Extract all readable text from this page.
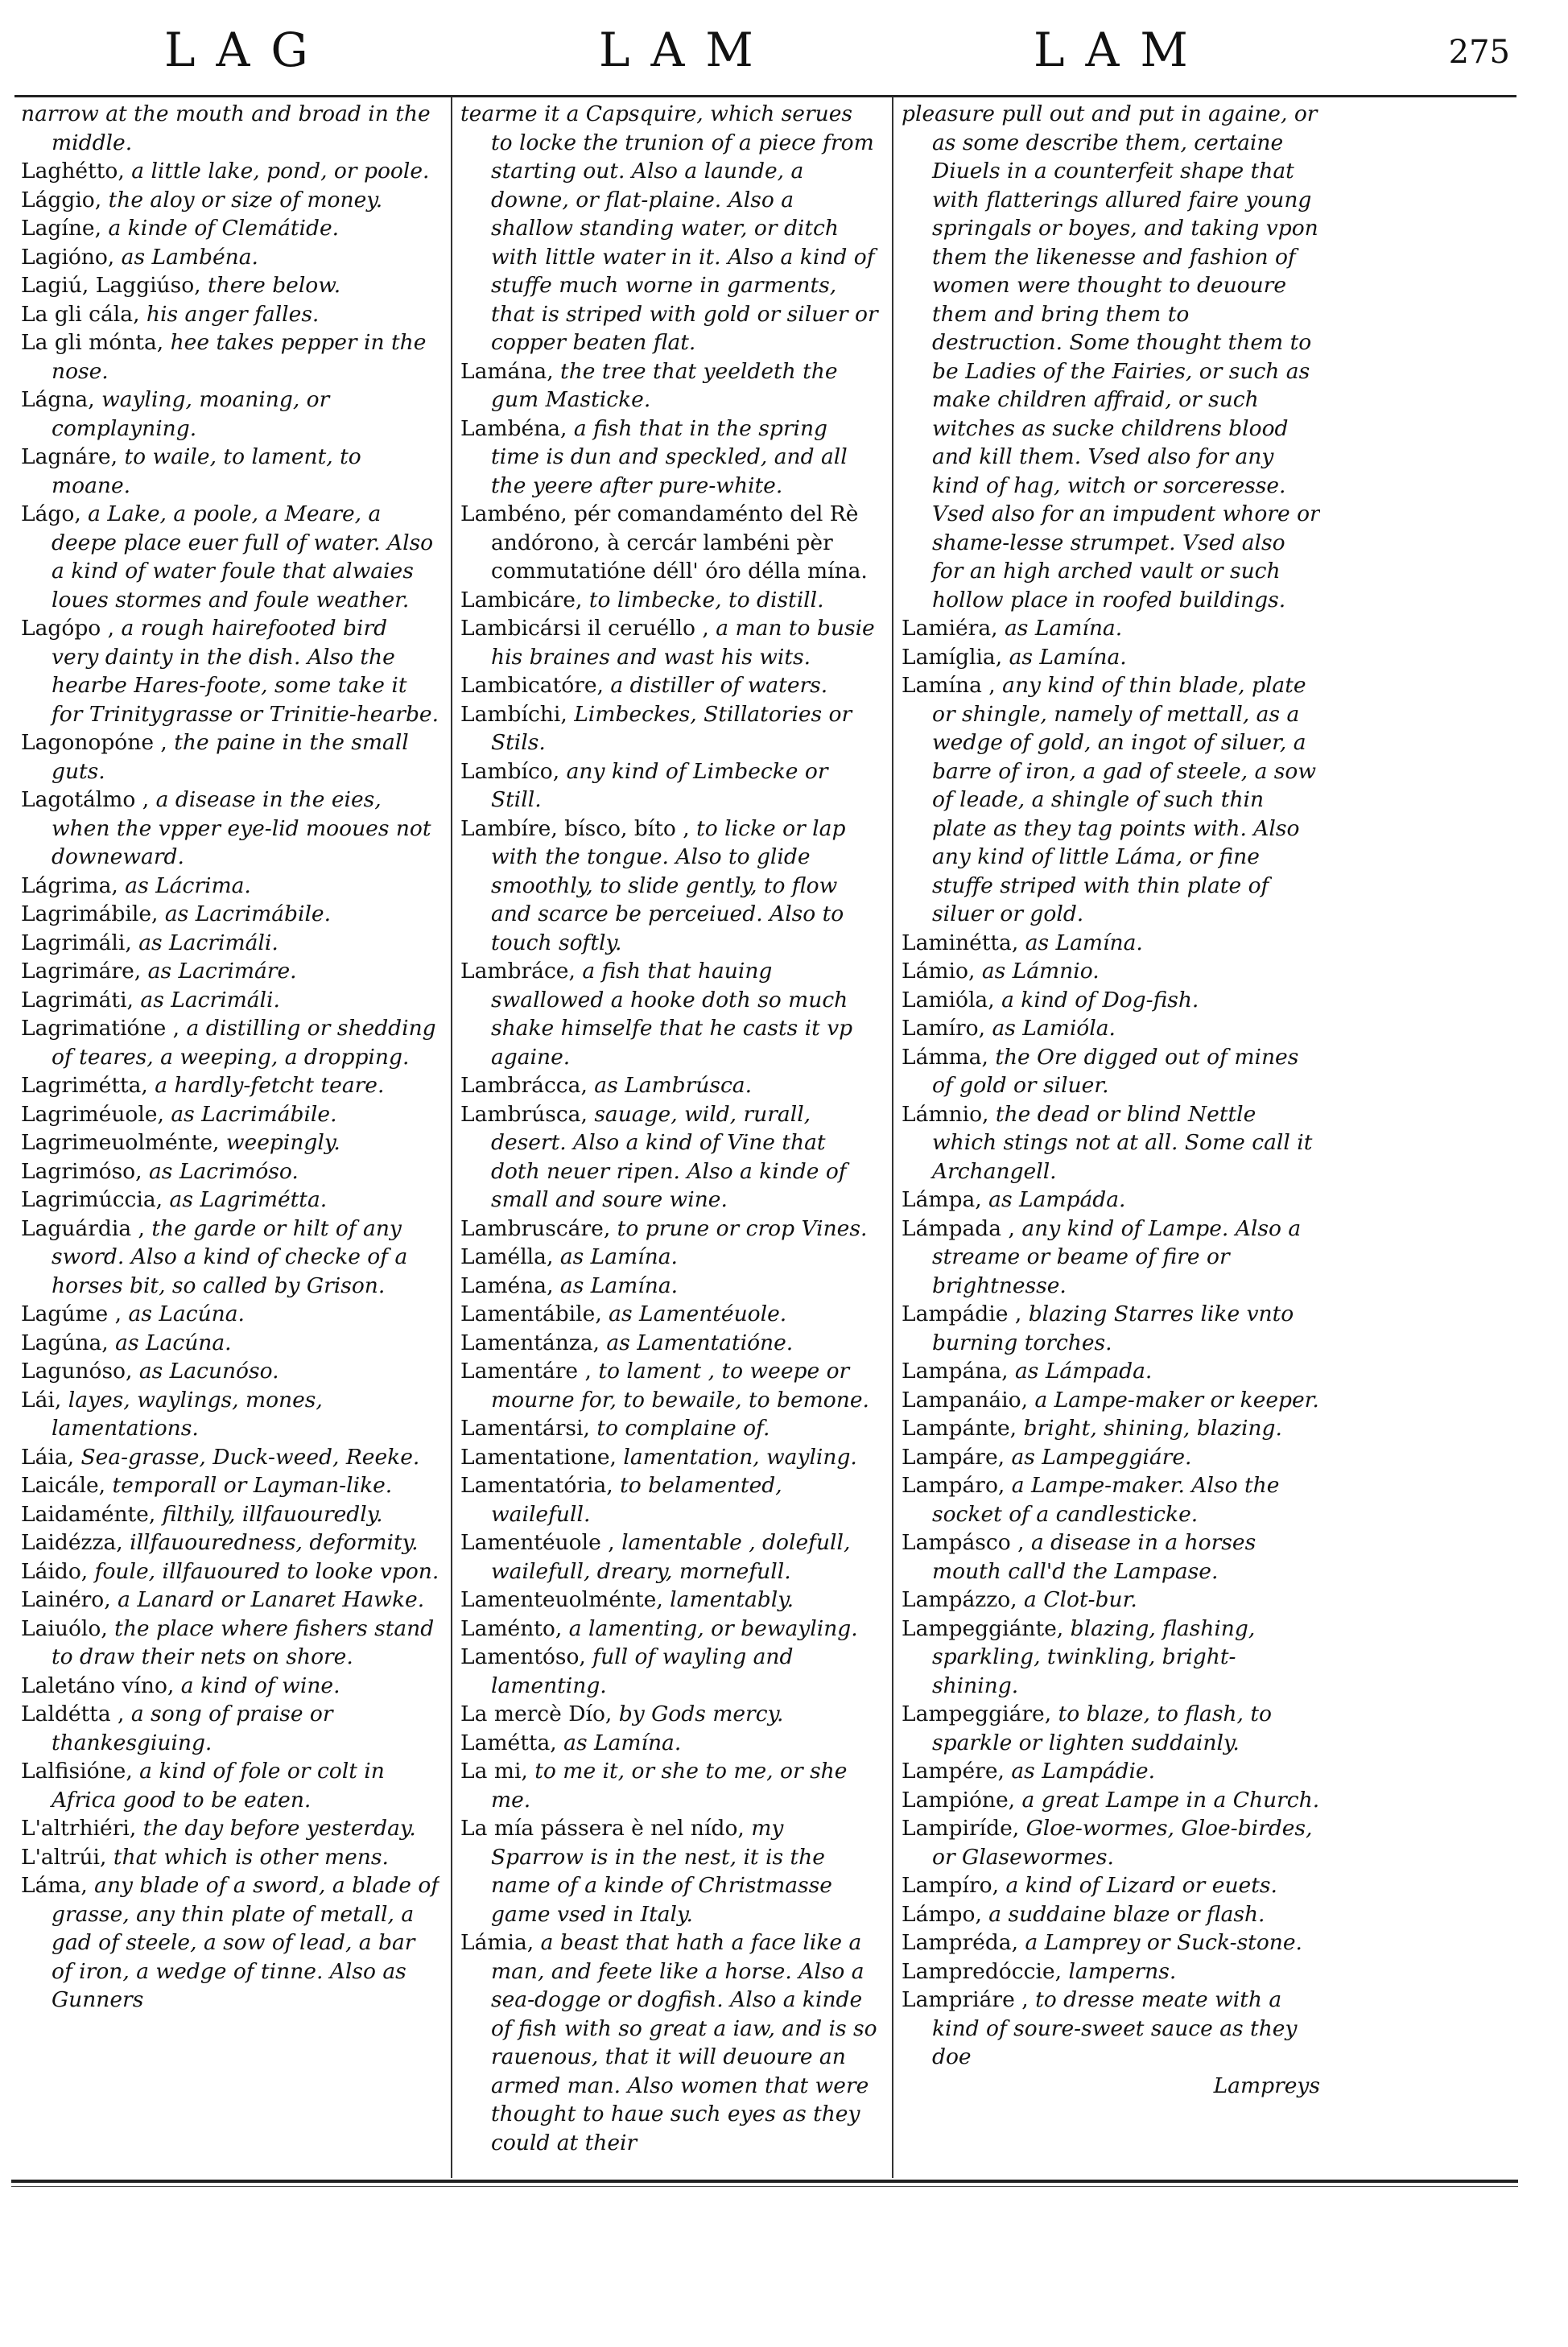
LAG	LAM	LAM	275
narrow at the mouth and broad in the middle.
Laghétto, a little lake, pond, or poole.
Lággio, the aloy or size of money.
Lagíne, a kinde of Clemátide.
Lagióno, as Lambéna.
Lagiú, Laggiúso, there below.
La gli cála, his anger falles.
La gli mónta, hee takes pepper in the nose.
Lágna, wayling, moaning, or complayning.
Lagnáre, to waile, to lament, to moane.
Lágo, a Lake, a poole, a Meare, a deepe place euer full of water. Also a kind of water foule that alwaies loues stormes and foule weather.
Lagópo , a rough hairefooted bird very dainty in the dish. Also the hearbe Hares-foote, some take it for Trinitygrasse or Trinitie-hearbe.
Lagonopóne , the paine in the small guts.
Lagotálmo , a disease in the eies, when the vpper eye-lid mooues not downeward.
Lágrima, as Lácrima.
Lagrimábile, as Lacrimábile.
Lagrimáli, as Lacrimáli.
Lagrimáre, as Lacrimáre.
Lagrimáti, as Lacrimáli.
Lagrimatióne , a distilling or shedding of teares, a weeping, a dropping.
Lagriméttа, a hardly-fetcht teare.
Lagriméuole, as Lacrimábile.
Lagrimeuolménte, weepingly.
Lagrimóso, as Lacrimóso.
Lagrimúccia, as Lagriméttа.
Laguárdia , the garde or hilt of any sword. Also a kind of checke of a horses bit, so called by Grison.
Lagúme , as Lacúna.
Lagúna, as Lacúna.
Lagunóso, as Lacunóso.
Lái, layes, waylings, mones, lamentations.
Láia, Sea-grasse, Duck-weed, Reeke.
Laicále, temporall or Layman-like.
Laidaménte, filthily, illfauouredly.
Laidézza, illfauouredness, deformity.
Láido, foule, illfauoured to looke vpon.
Lainéro, a Lanard or Lanaret Hawke.
Laiuólo, the place where fishers stand to draw their nets on shore.
Laletáno víno, a kind of wine.
Laldétta , a song of praise or thankesgiuing.
Lalfisióne, a kind of fole or colt in Africa good to be eaten.
L'altrhiéri, the day before yesterday.
L'altrúi, that which is other mens.
Láma, any blade of a sword, a blade of grasse, any thin plate of metall, a gad of steele, a sow of lead, a bar of iron, a wedge of tinne. Also as Gunners
tearme it a Capsquire, which serues to locke the trunion of a piece from starting out. Also a launde, a downe, or flat-plaine. Also a shallow standing water, or ditch with little water in it. Also a kind of stuffe much worne in garments, that is striped with gold or siluer or copper beaten flat.
Lamána, the tree that yeeldeth the gum Masticke.
Lambéna, a fish that in the spring time is dun and speckled, and all the yeere after pure-white.
Lambéno, pér comandaménto del Rè andórono, à cercár lambéni pèr commutatióne déll' óro délla mína.
Lambicáre, to limbecke, to distill.
Lambicársi il ceruéllo , a man to busie his braines and wast his wits.
Lambicatóre, a distiller of waters.
Lambíchi, Limbeckes, Stillatories or Stils.
Lambíco, any kind of Limbecke or Still.
Lambíre, bísco, bíto , to licke or lap with the tongue. Also to glide smoothly, to slide gently, to flow and scarce be perceiued. Also to touch softly.
Lambráce, a fish that hauing swallowed a hooke doth so much shake himselfe that he casts it vp againe.
Lambrácca, as Lambrúsca.
Lambrúsca, sauage, wild, rurall, desert. Also a kind of Vine that doth neuer ripen. Also a kinde of small and soure wine.
Lambruscáre, to prune or crop Vines.
Lamélla, as Lamína.
Laména, as Lamína.
Lamentábile, as Lamentéuole.
Lamentánza, as Lamentatióne.
Lamentáre , to lament , to weepe or mourne for, to bewaile, to bemone.
Lamentársi, to complaine of.
Lamentatione, lamentation, wayling.
Lamentatória, to belamented, wailefull.
Lamentéuole , lamentable , dolefull, wailefull, dreary, mornefull.
Lamenteuolménte, lamentably.
Laménto, a lamenting, or bewayling.
Lamentóso, full of wayling and lamenting.
La mercè Dío, by Gods mercy.
Lamétta, as Lamína.
La mi, to me it, or she to me, or she me.
La mía pássera è nel nído, my Sparrow is in the nest, it is the name of a kinde of Christmasse game vsed in Italy.
Lámia, a beast that hath a face like a man, and feete like a horse. Also a sea-dogge or dogfish. Also a kinde of fish with so great a iaw, and is so rauenous, that it will deuoure an armed man. Also women that were thought to haue such eyes as they could at their
pleasure pull out and put in againe, or as some describe them, certaine Diuels in a counterfeit shape that with flatterings allured faire young springals or boyes, and taking vpon them the likenesse and fashion of women were thought to deuoure them and bring them to destruction. Some thought them to be Ladies of the Fairies, or such as make children affraid, or such witches as sucke childrens blood and kill them. Vsed also for any kind of hag, witch or sorceresse. Vsed also for an impudent whore or shame-lesse strumpet. Vsed also for an high arched vault or such hollow place in roofed buildings.
Lamiéra, as Lamína.
Lamíglia, as Lamína.
Lamína , any kind of thin blade, plate or shingle, namely of mettall, as a wedge of gold, an ingot of siluer, a barre of iron, a gad of steele, a sow of leade, a shingle of such thin plate as they tag points with. Also any kind of little Láma, or fine stuffe striped with thin plate of siluer or gold.
Laminétta, as Lamína.
Lámio, as Lámnio.
Lamióla, a kind of Dog-fish.
Lamíro, as Lamióla.
Lámma, the Ore digged out of mines of gold or siluer.
Lámnio, the dead or blind Nettle which stings not at all. Some call it Archangell.
Lámpa, as Lampáda.
Lámpada , any kind of Lampe. Also a streame or beame of fire or brightnesse.
Lampádie , blazing Starres like vnto burning torches.
Lampána, as Lámpada.
Lampanáio, a Lampe-maker or keeper.
Lampánte, bright, shining, blazing.
Lampáre, as Lampeggiáre.
Lampáro, a Lampe-maker. Also the socket of a candlesticke.
Lampásco , a disease in a horses mouth call'd the Lampase.
Lampázzo, a Clot-bur.
Lampeggiánte, blazing, flashing, sparkling, twinkling, bright-shining.
Lampeggiáre, to blaze, to flash, to sparkle or lighten suddainly.
Lampére, as Lampádie.
Lampióne, a great Lampe in a Church.
Lampiríde, Gloe-wormes, Gloe-birdes, or Glasewormes.
Lampíro, a kind of Lizard or euets.
Lámpo, a suddaine blaze or flash.
Lampréda, a Lamprey or Suck-stone.
Lampredóccie, lamperns.
Lampriáre , to dresse meate with a kind of soure-sweet sauce as they doe
Lampreys
